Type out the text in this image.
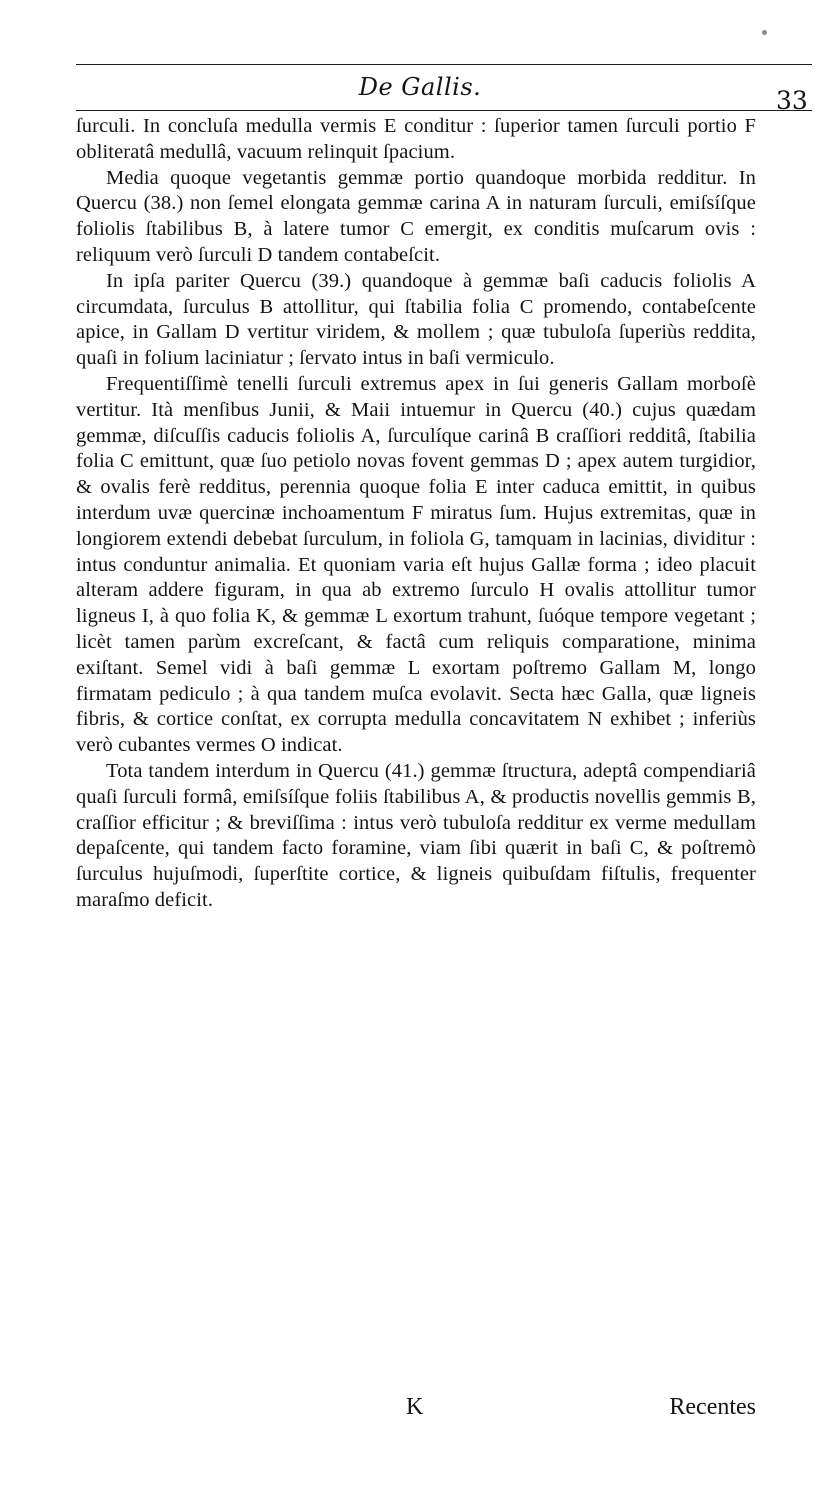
De Gallis.	33

ſurculi. In concluſa medulla vermis E conditur : ſuperior tamen ſurculi portio F obliteratâ medullâ, vacuum relinquit ſpacium.

Media quoque vegetantis gemmæ portio quandoque morbida redditur. In Quercu (38.) non ſemel elongata gemmæ carina A in naturam ſurculi, emiſsíſque foliolis ſtabilibus B, à latere tumor C emergit, ex conditis muſcarum ovis : reliquum verò ſurculi D tandem contabeſcit.

In ipſa pariter Quercu (39.) quandoque à gemmæ baſi caducis foliolis A circumdata, ſurculus B attollitur, qui ſtabilia folia C promendo, contabeſcente apice, in Gallam D vertitur viridem, & mollem ; quæ tubuloſa ſuperiùs reddita, quaſi in folium laciniatur ; ſervato intus in baſi vermiculo.

Frequentiſſimè tenelli ſurculi extremus apex in ſui generis Gallam morboſè vertitur. Ità menſibus Junii, & Maii intuemur in Quercu (40.) cujus quædam gemmæ, diſcuſſis caducis foliolis A, ſurculíque carinâ B craſſiori redditâ, ſtabilia folia C emittunt, quæ ſuo petiolo novas fovent gemmas D ; apex autem turgidior, & ovalis ferè redditus, perennia quoque folia E inter caduca emittit, in quibus interdum uvæ quercinæ inchoamentum F miratus ſum. Hujus extremitas, quæ in longiorem extendi debebat ſurculum, in foliola G, tamquam in lacinias, dividitur : intus conduntur animalia. Et quoniam varia eſt hujus Gallæ forma ; ideo placuit alteram addere figuram, in qua ab extremo ſurculo H ovalis attollitur tumor ligneus I, à quo folia K, & gemmæ L exortum trahunt, ſuóque tempore vegetant ; licèt tamen parùm excreſcant, & factâ cum reliquis comparatione, minima exiſtant. Semel vidi à baſi gemmæ L exortam poſtremo Gallam M, longo firmatam pediculo ; à qua tandem muſca evolavit. Secta hæc Galla, quæ ligneis fibris, & cortice conſtat, ex corrupta medulla concavitatem N exhibet ; inferiùs verò cubantes vermes O indicat.

Tota tandem interdum in Quercu (41.) gemmæ ſtructura, adeptâ compendiariâ quaſi ſurculi formâ, emiſsíſque foliis ſtabilibus A, & productis novellis gemmis B, craſſior efficitur ; & breviſſima : intus verò tubuloſa redditur ex verme medullam depaſcente, qui tandem facto foramine, viam ſibi quærit in baſi C, & poſtremò ſurculus hujuſmodi, ſuperſtite cortice, & ligneis quibuſdam fiſtulis, frequenter maraſmo deficit.

K	Recentes
